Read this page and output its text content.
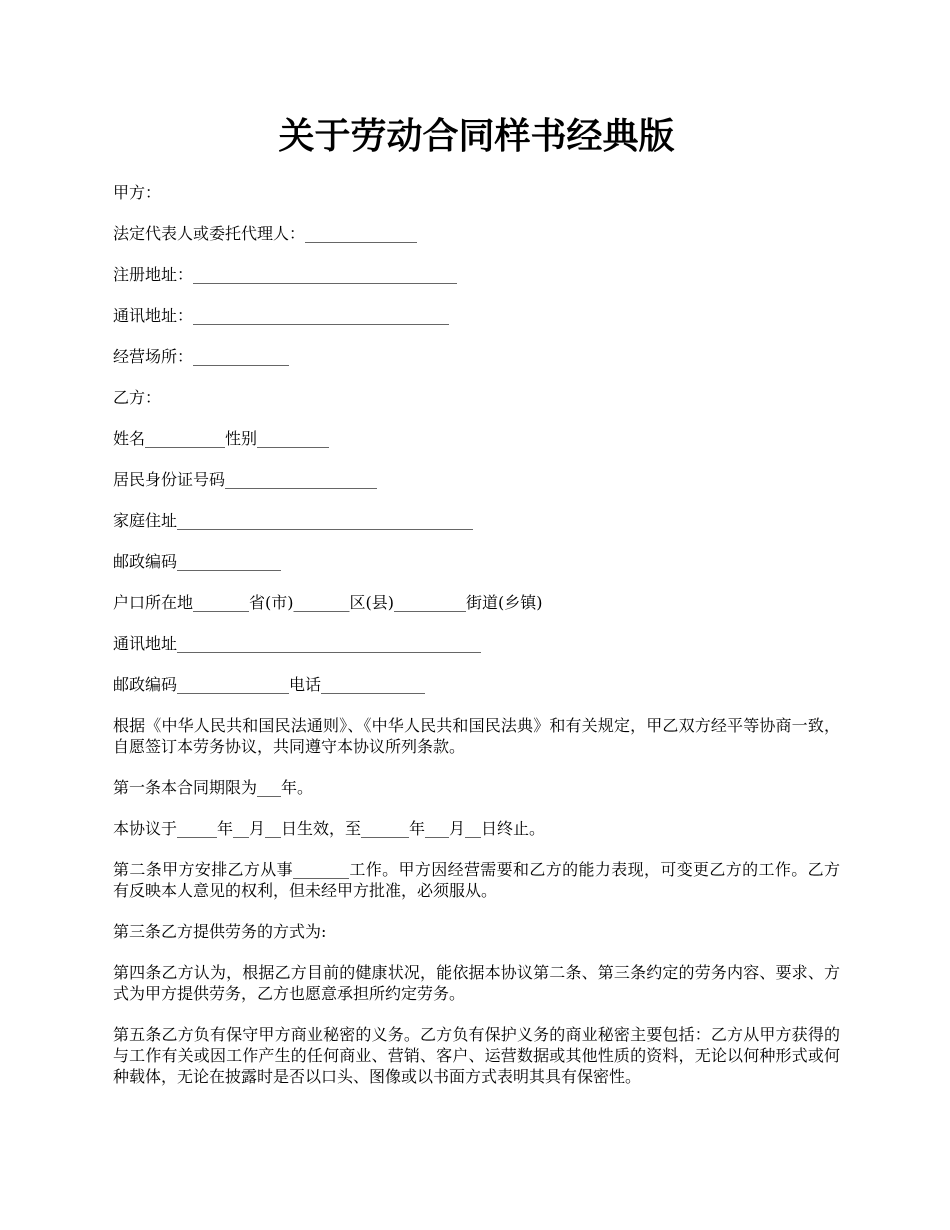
关于劳动合同样书经典版
甲方：
法定代表人或委托代理人：______________
注册地址：_________________________________
通讯地址：________________________________
经营场所：____________
乙方：
姓名__________性别_________
居民身份证号码___________________
家庭住址_____________________________________
邮政编码_____________
户口所在地_______省(市)_______区(县)_________街道(乡镇)
通讯地址______________________________________
邮政编码______________电话_____________

根据《中华人民共和国民法通则》、《中华人民共和国民法典》和有关规定，甲乙双方经平等协商一致，自愿签订本劳务协议，共同遵守本协议所列条款。

第一条本合同期限为___年。

本协议于_____年__月__日生效，至______年___月__日终止。

第二条甲方安排乙方从事_______工作。甲方因经营需要和乙方的能力表现，可变更乙方的工作。乙方有反映本人意见的权利，但未经甲方批准，必须服从。

第三条乙方提供劳务的方式为:

第四条乙方认为，根据乙方目前的健康状况，能依据本协议第二条、第三条约定的劳务内容、要求、方式为甲方提供劳务，乙方也愿意承担所约定劳务。

第五条乙方负有保守甲方商业秘密的义务。乙方负有保护义务的商业秘密主要包括：乙方从甲方获得的与工作有关或因工作产生的任何商业、营销、客户、运营数据或其他性质的资料，无论以何种形式或何种载体，无论在披露时是否以口头、图像或以书面方式表明其具有保密性。
